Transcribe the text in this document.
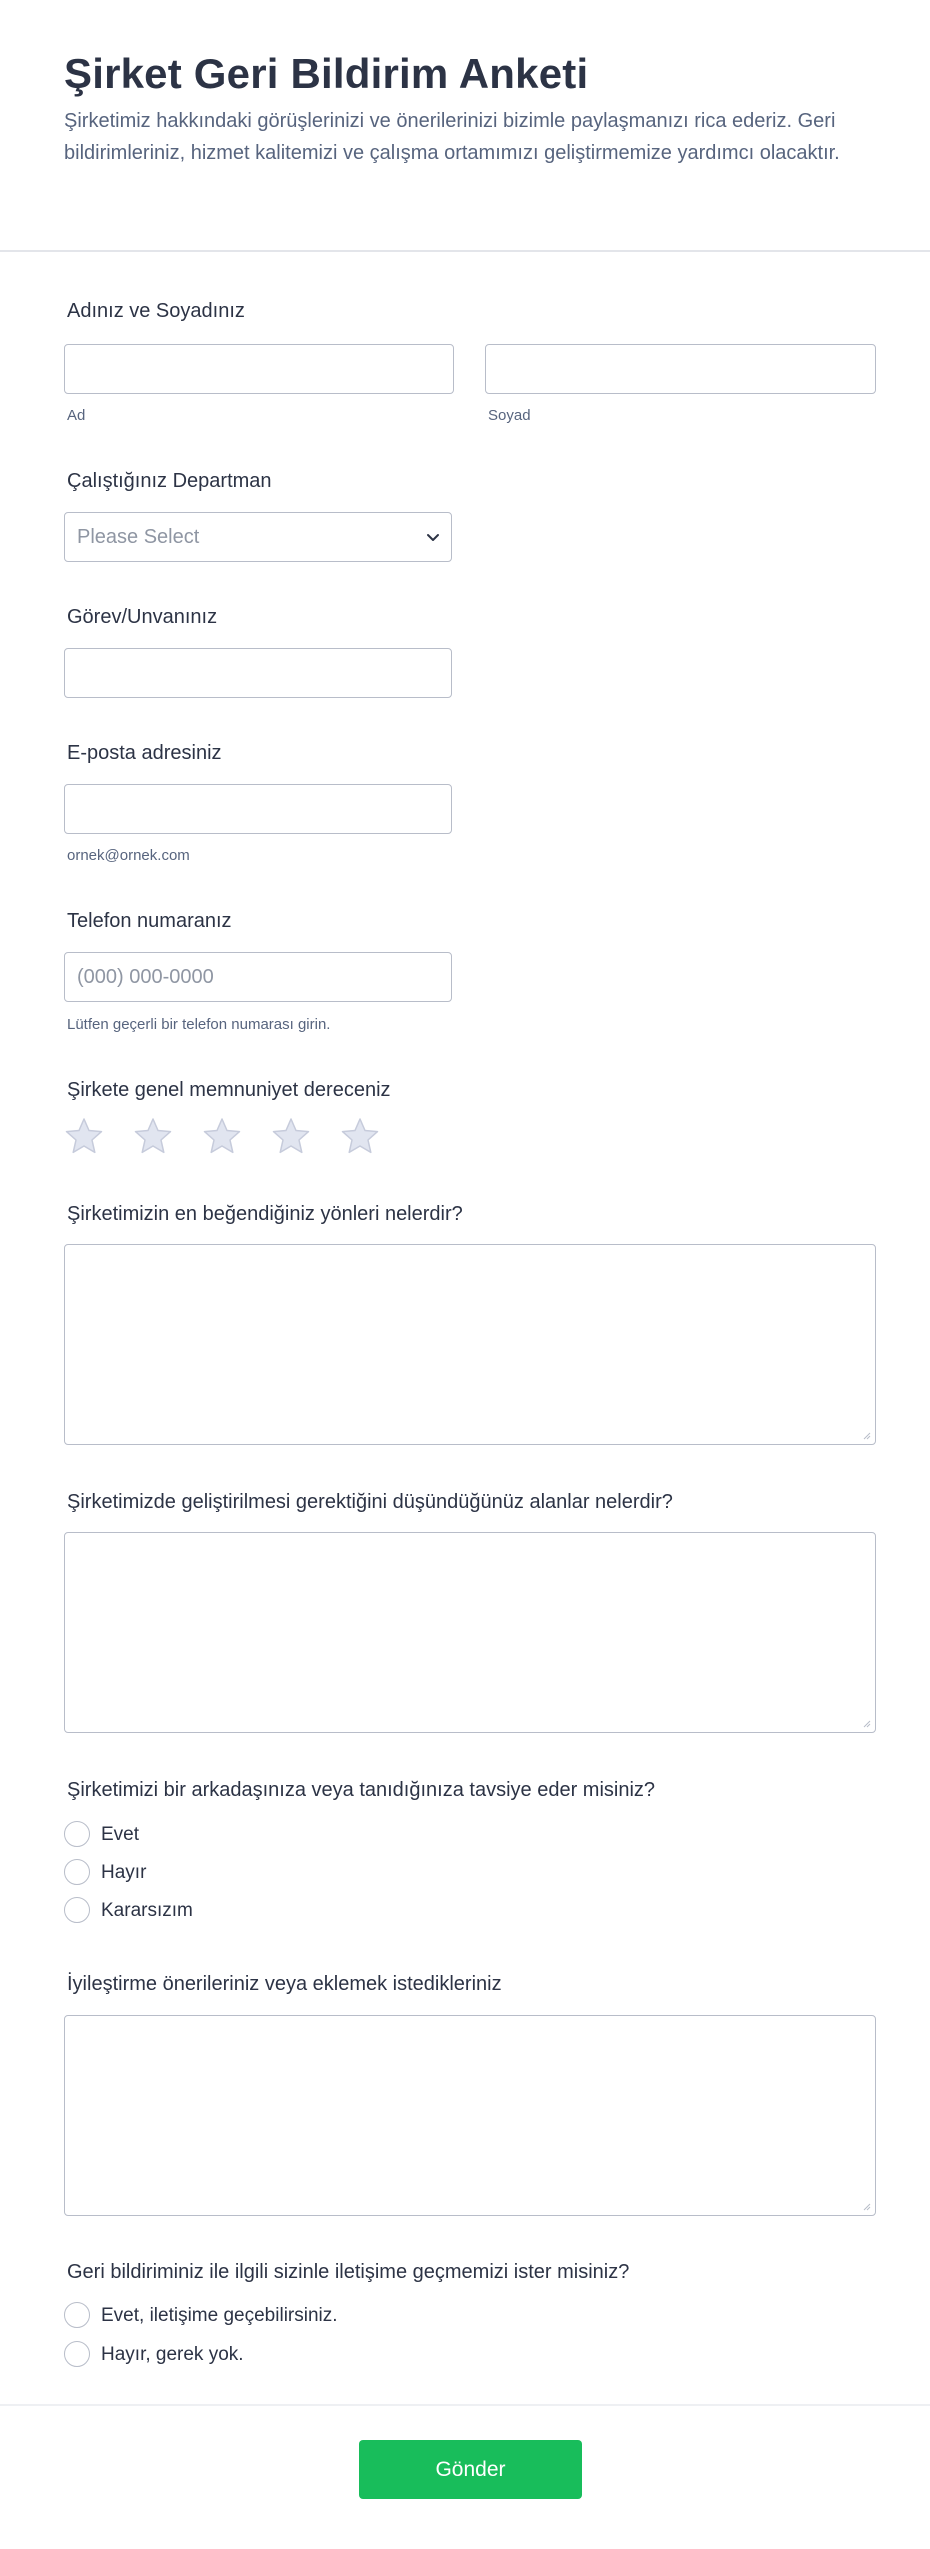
Şirket Geri Bildirim Anketi

Şirketimiz hakkındaki görüşlerinizi ve önerilerinizi bizimle paylaşmanızı rica ederiz. Geri bildirimleriniz, hizmet kalitemizi ve çalışma ortamımızı geliştirmemize yardımcı olacaktır.

Adınız ve Soyadınız
Ad	Soyad
Çalıştığınız Departman
Please Select
Görev/Unvanınız
E-posta adresiniz
ornek@ornek.com
Telefon numaranız
(000) 000-0000
Lütfen geçerli bir telefon numarası girin.
Şirkete genel memnuniyet dereceniz
Şirketimizin en beğendiğiniz yönleri nelerdir?
Şirketimizde geliştirilmesi gerektiğini düşündüğünüz alanlar nelerdir?
Şirketimizi bir arkadaşınıza veya tanıdığınıza tavsiye eder misiniz?
Evet
Hayır
Kararsızım
İyileştirme önerileriniz veya eklemek istedikleriniz
Geri bildiriminiz ile ilgili sizinle iletişime geçmemizi ister misiniz?
Evet, iletişime geçebilirsiniz.
Hayır, gerek yok.
Gönder
